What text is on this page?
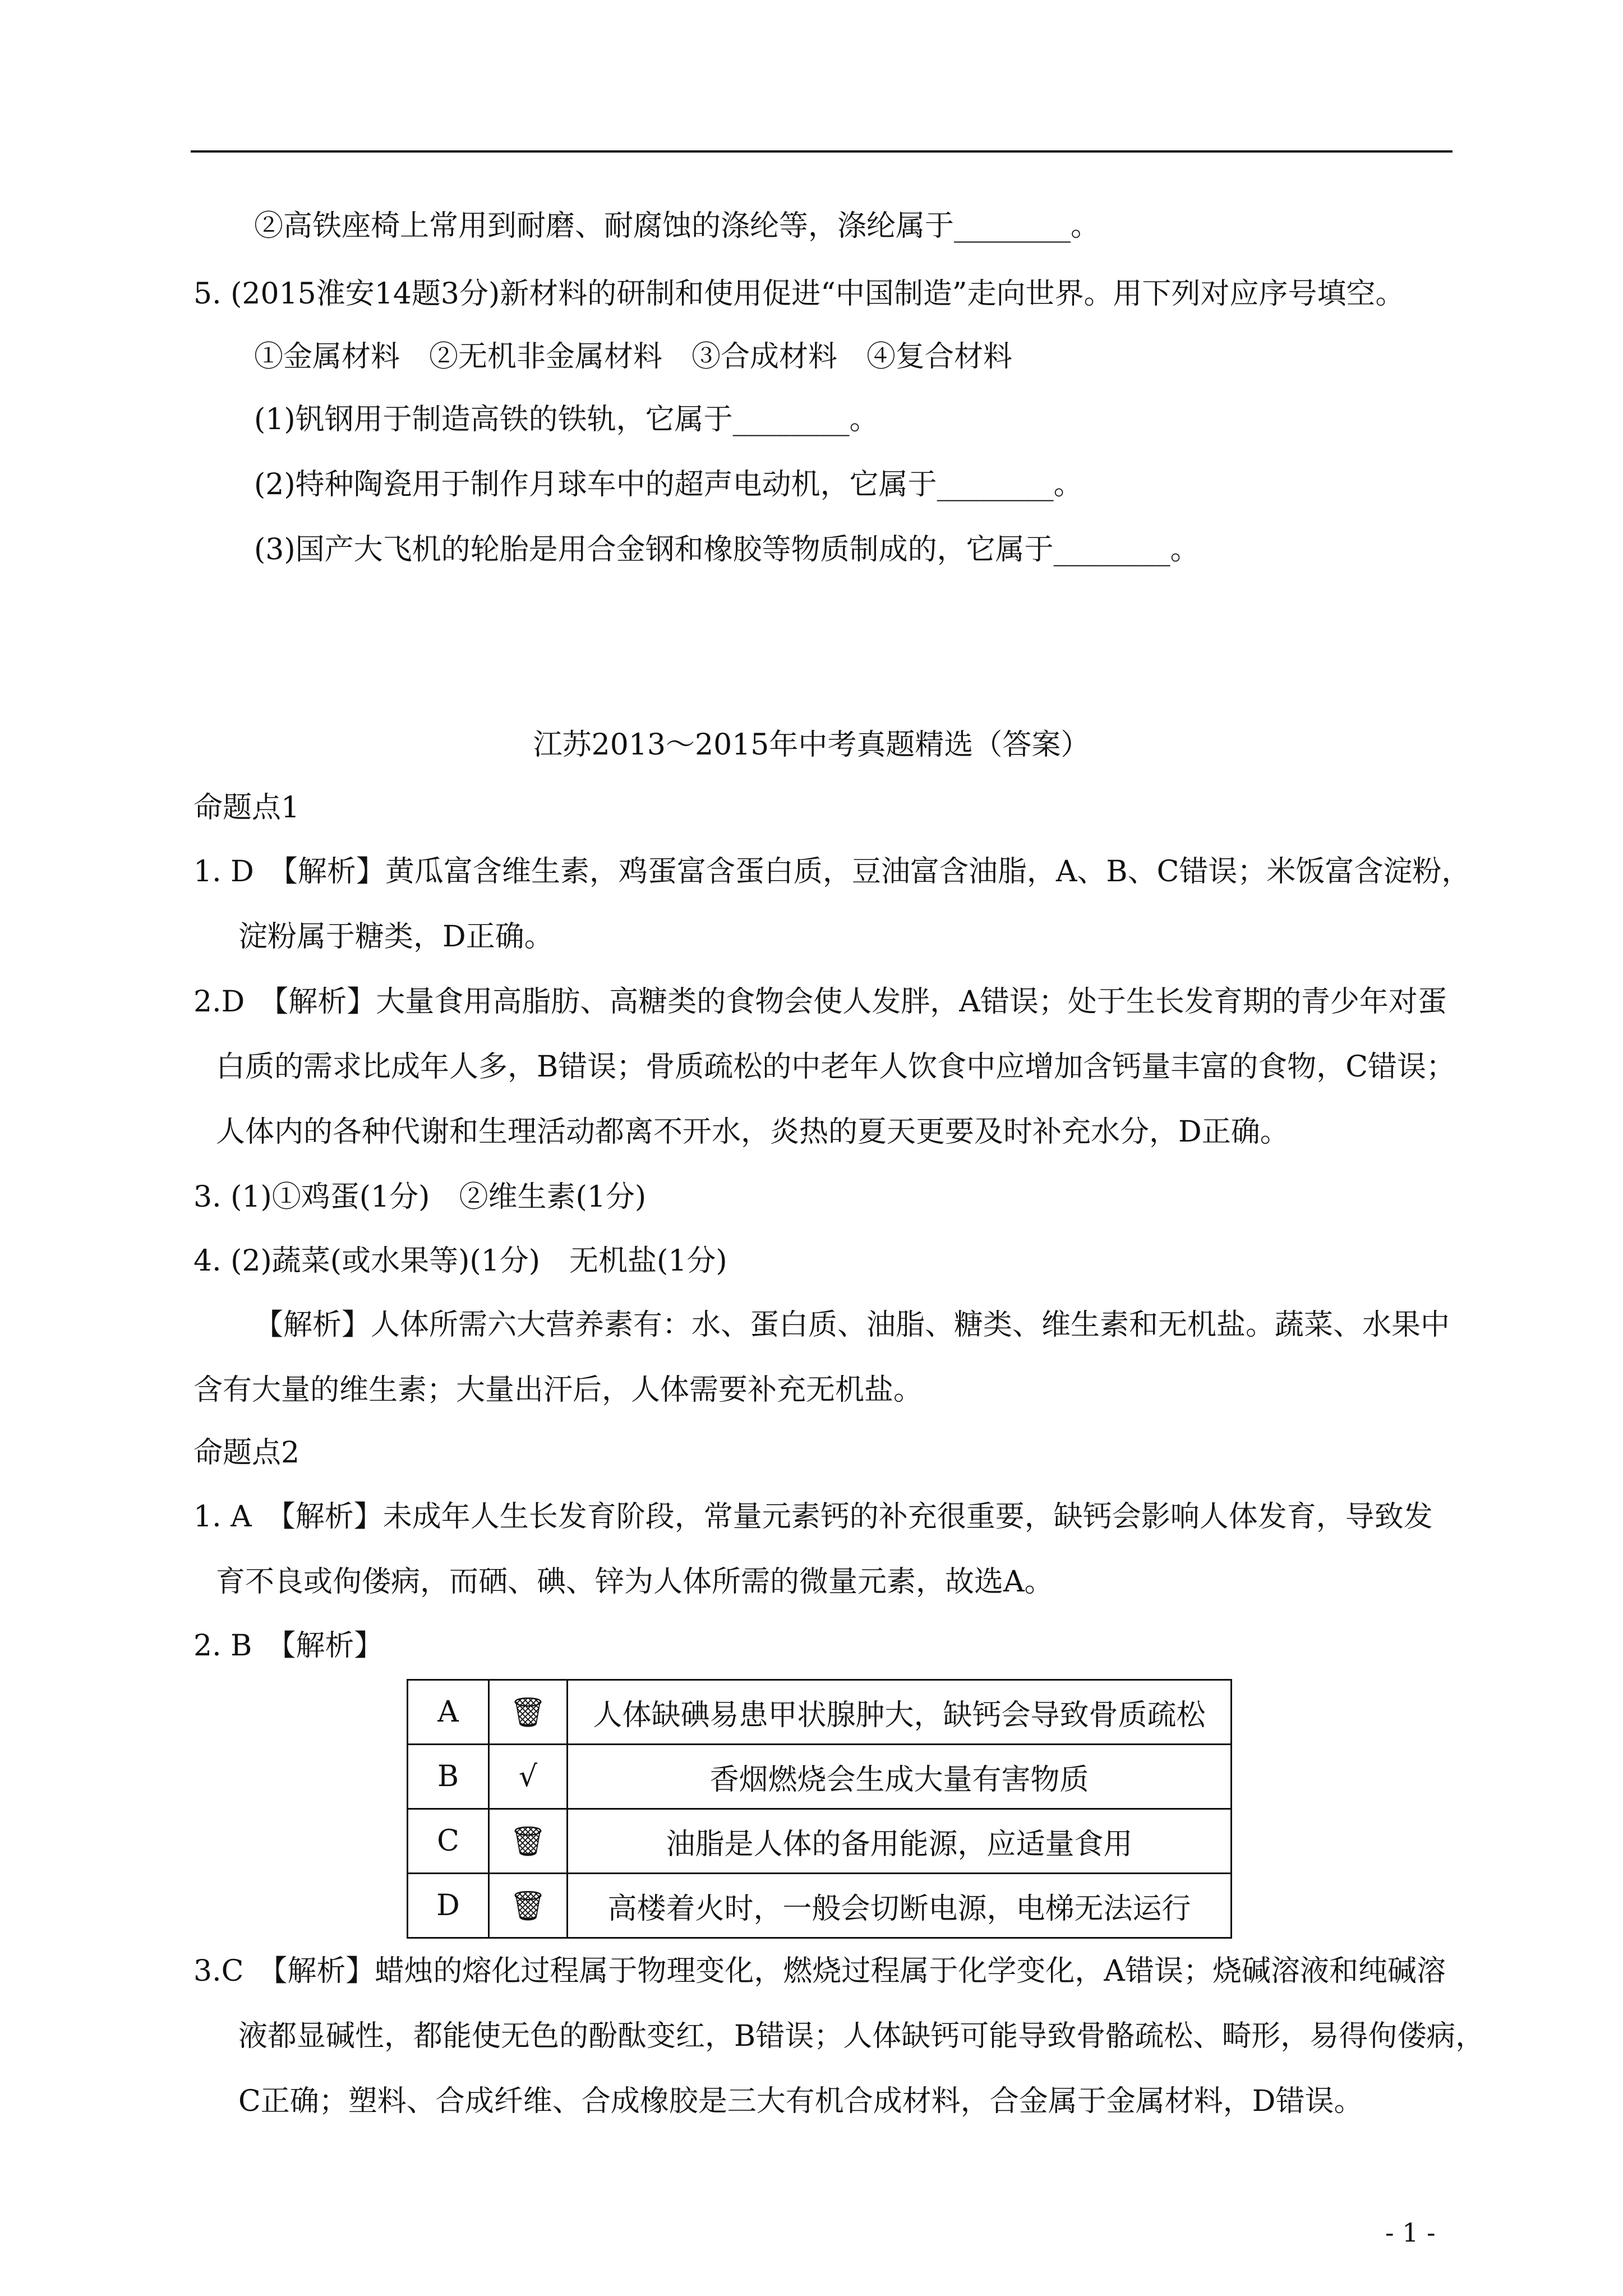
②高铁座椅上常用到耐磨、耐腐蚀的涤纶等，涤纶属于________。
5. (2015淮安14题3分)新材料的研制和使用促进“中国制造”走向世界。用下列对应序号填空。
①金属材料　②无机非金属材料　③合成材料　④复合材料
(1)钒钢用于制造高铁的铁轨，它属于________。
(2)特种陶瓷用于制作月球车中的超声电动机，它属于________。
(3)国产大飞机的轮胎是用合金钢和橡胶等物质制成的，它属于________。
江苏2013～2015年中考真题精选（答案）
命题点1
1. D　【解析】黄瓜富含维生素，鸡蛋富含蛋白质，豆油富含油脂，A、B、C错误；米饭富含淀粉，
淀粉属于糖类，D正确。
2.D　【解析】大量食用高脂肪、高糖类的食物会使人发胖，A错误；处于生长发育期的青少年对蛋
白质的需求比成年人多，B错误；骨质疏松的中老年人饮食中应增加含钙量丰富的食物，C错误；
人体内的各种代谢和生理活动都离不开水，炎热的夏天更要及时补充水分，D正确。
3. (1)①鸡蛋(1分)　②维生素(1分)
4. (2)蔬菜(或水果等)(1分)　无机盐(1分)
【解析】人体所需六大营养素有：水、蛋白质、油脂、糖类、维生素和无机盐。蔬菜、水果中
含有大量的维生素；大量出汗后，人体需要补充无机盐。
命题点2
1. A　【解析】未成年人生长发育阶段，常量元素钙的补充很重要，缺钙会影响人体发育，导致发
育不良或佝偻病，而硒、碘、锌为人体所需的微量元素，故选A。
2. B　【解析】
A	🗑	人体缺碘易患甲状腺肿大，缺钙会导致骨质疏松
B	√	香烟燃烧会生成大量有害物质
C	🗑	油脂是人体的备用能源，应适量食用
D	🗑	高楼着火时，一般会切断电源，电梯无法运行
3.C　【解析】蜡烛的熔化过程属于物理变化，燃烧过程属于化学变化，A错误；烧碱溶液和纯碱溶
液都显碱性，都能使无色的酚酞变红，B错误；人体缺钙可能导致骨骼疏松、畸形，易得佝偻病，
C正确；塑料、合成纤维、合成橡胶是三大有机合成材料，合金属于金属材料，D错误。
- 1 -
